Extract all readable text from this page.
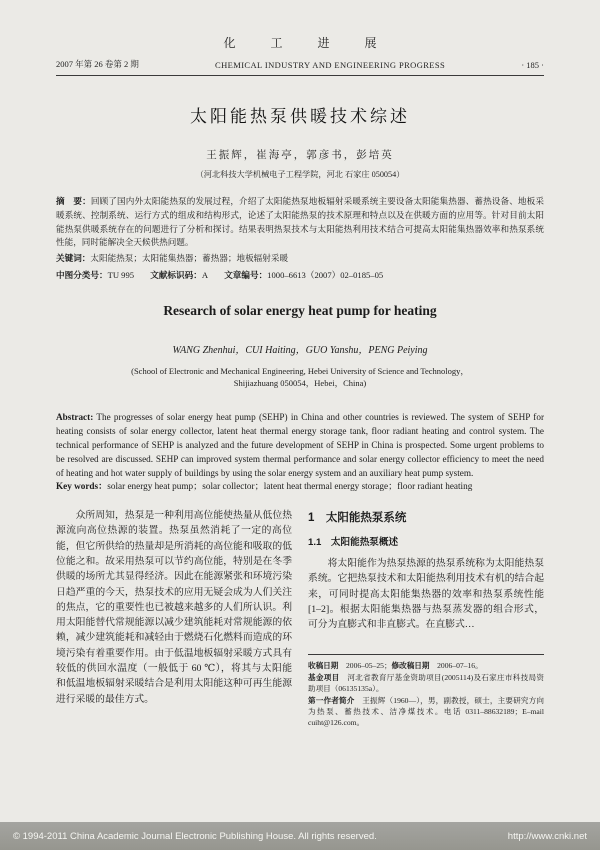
化 工 进 展
2007 年第 26 卷第 2 期	CHEMICAL INDUSTRY AND ENGINEERING PROGRESS	· 185 ·
太阳能热泵供暖技术综述
王振辉，崔海亭，郭彦书，彭培英
（河北科技大学机械电子工程学院，河北 石家庄 050054）

摘　要：回顾了国内外太阳能热泵的发展过程，介绍了太阳能热泵地板辐射采暖系统主要设备太阳能集热器、蓄热设备、地板采暖系统、控制系统、运行方式的组成和结构形式，论述了太阳能热泵的技术原理和特点以及在供暖方面的应用等。针对目前太阳能热泵供暖系统存在的问题进行了分析和探讨。结果表明热泵技术与太阳能热利用技术结合可提高太阳能集热器效率和热泵系统性能，同时能解决全天候供热问题。

关键词：太阳能热泵；太阳能集热器；蓄热器；地板辐射采暖

中图分类号：TU 995 文献标识码：A 文章编号：1000–6613（2007）02–0185–05

Research of solar energy heat pump for heating
WANG Zhenhui，CUI Haiting，GUO Yanshu，PENG Peiying
(School of Electronic and Mechanical Engineering, Hebei University of Science and Technology，
Shijiazhuang 050054，Hebei，China)

Abstract: The progresses of solar energy heat pump (SEHP) in China and other countries is reviewed. The system of SEHP for heating consists of solar energy collector, latent heat thermal energy storage tank, floor radiant heating and control system. The technical performance of SEHP is analyzed and the future development of SEHP in China is prospected. Some urgent problems to be resolved are discussed. SEHP can improved system thermal performance and solar energy collector efficiency to meet the need of heating and hot water supply of buildings by using the solar energy system and an auxiliary heat pump system.

Key words：solar energy heat pump；solar collector；latent heat thermal energy storage；floor radiant heating

众所周知，热泵是一种利用高位能使热量从低位热源流向高位热源的装置。热泵虽然消耗了一定的高位能，但它所供给的热量却是所消耗的高位能和吸取的低位能之和。故采用热泵可以节约高位能，特别是在冬季供暖的场所尤其显得经济。因此在能源紧张和环境污染日趋严重的今天，热泵技术的应用无疑会成为人们关注的焦点，它的重要性也已被越来越多的人们所认识。利用太阳能替代常规能源以减少建筑能耗对常规能源的依赖，减少建筑能耗和减轻由于燃烧石化燃料而造成的环境污染有着重要作用。由于低温地板辐射采暖方式具有较低的供回水温度（一般低于 60 ℃），将其与太阳能和低温地板辐射采暖结合是利用太阳能这种可再生能源进行采暖的最佳方式。

1　太阳能热泵系统
1.1　太阳能热泵概述

将太阳能作为热泵热源的热泵系统称为太阳能热泵系统。它把热泵技术和太阳能热利用技术有机的结合起来，可同时提高太阳能集热器的效率和热泵系统性能[1–2]。根据太阳能集热器与热泵蒸发器的组合形式，可分为直膨式和非直膨式。在直膨式…

收稿日期　 2006–05–25；修改稿日期　 2006–07–16。
基金项目　 河北省教育厅基金资助项目(2005114)及石家庄市科技局资助项目（06135135a）。
第一作者简介　 王振辉（1960—），男，副教授，硕士，主要研究方向为热泵、蓄热技术、洁净煤技术。电话 0311–88632189；E–mail cuiht@126.com。
© 1994-2011 China Academic Journal Electronic Publishing House. All rights reserved.	http://www.cnki.net
